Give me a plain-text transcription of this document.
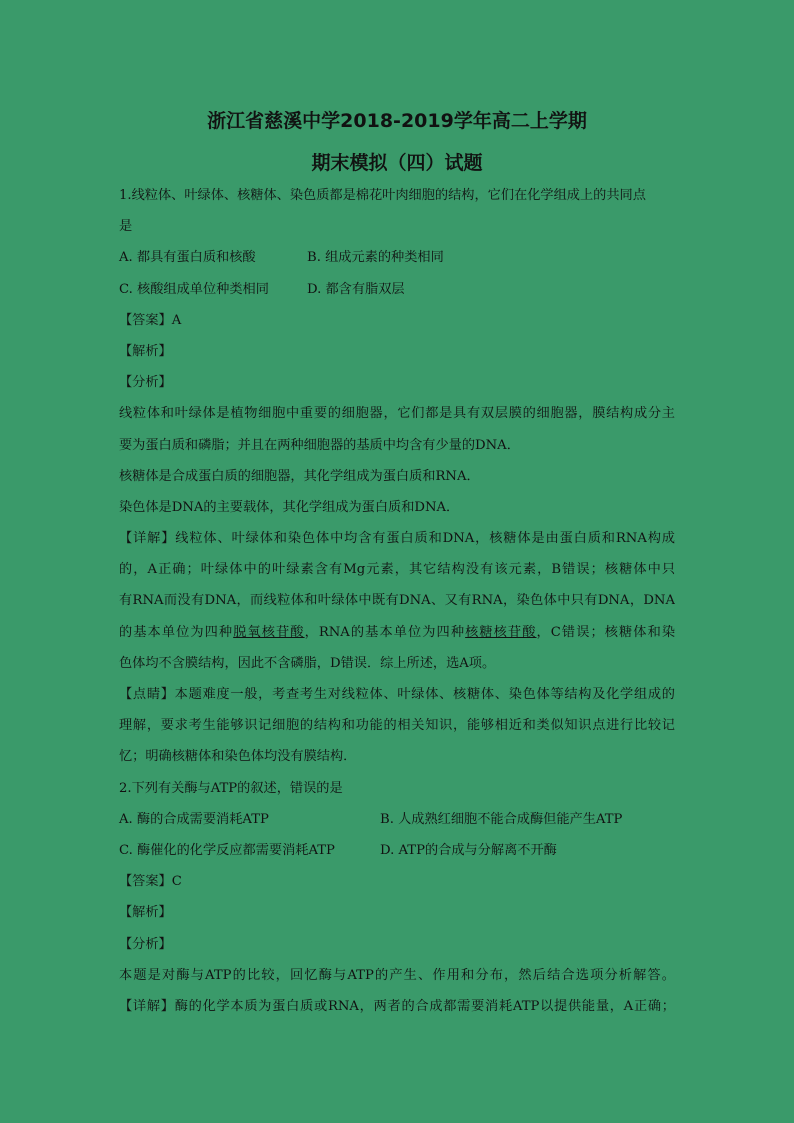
浙江省慈溪中学2018-2019学年高二上学期
期末模拟（四）试题
1.线粒体、叶绿体、核糖体、染色质都是棉花叶肉细胞的结构，它们在化学组成上的共同点
是
A. 都具有蛋白质和核酸	B. 组成元素的种类相同
C. 核酸组成单位种类相同	D. 都含有脂双层
【答案】A
【解析】
【分析】
线粒体和叶绿体是植物细胞中重要的细胞器，它们都是具有双层膜的细胞器，膜结构成分主
要为蛋白质和磷脂；并且在两种细胞器的基质中均含有少量的DNA．
核糖体是合成蛋白质的细胞器，其化学组成为蛋白质和RNA．
染色体是DNA的主要载体，其化学组成为蛋白质和DNA．
【详解】线粒体、叶绿体和染色体中均含有蛋白质和DNA，核糖体是由蛋白质和RNA构成
的，A正确；叶绿体中的叶绿素含有Mg元素，其它结构没有该元素，B错误；核糖体中只
有RNA而没有DNA，而线粒体和叶绿体中既有DNA、又有RNA，染色体中只有DNA，DNA
的基本单位为四种脱氧核苷酸，RNA的基本单位为四种核糖核苷酸，C错误；核糖体和染
色体均不含膜结构，因此不含磷脂，D错误．综上所述，选A项。
【点睛】本题难度一般，考查考生对线粒体、叶绿体、核糖体、染色体等结构及化学组成的
理解，要求考生能够识记细胞的结构和功能的相关知识，能够相近和类似知识点进行比较记
忆；明确核糖体和染色体均没有膜结构．
2.下列有关酶与ATP的叙述，错误的是
A. 酶的合成需要消耗ATP	B. 人成熟红细胞不能合成酶但能产生ATP
C. 酶催化的化学反应都需要消耗ATP	D. ATP的合成与分解离不开酶
【答案】C
【解析】
【分析】
本题是对酶与ATP的比较，回忆酶与ATP的产生、作用和分布，然后结合选项分析解答。
【详解】酶的化学本质为蛋白质或RNA，两者的合成都需要消耗ATP以提供能量，A正确；
